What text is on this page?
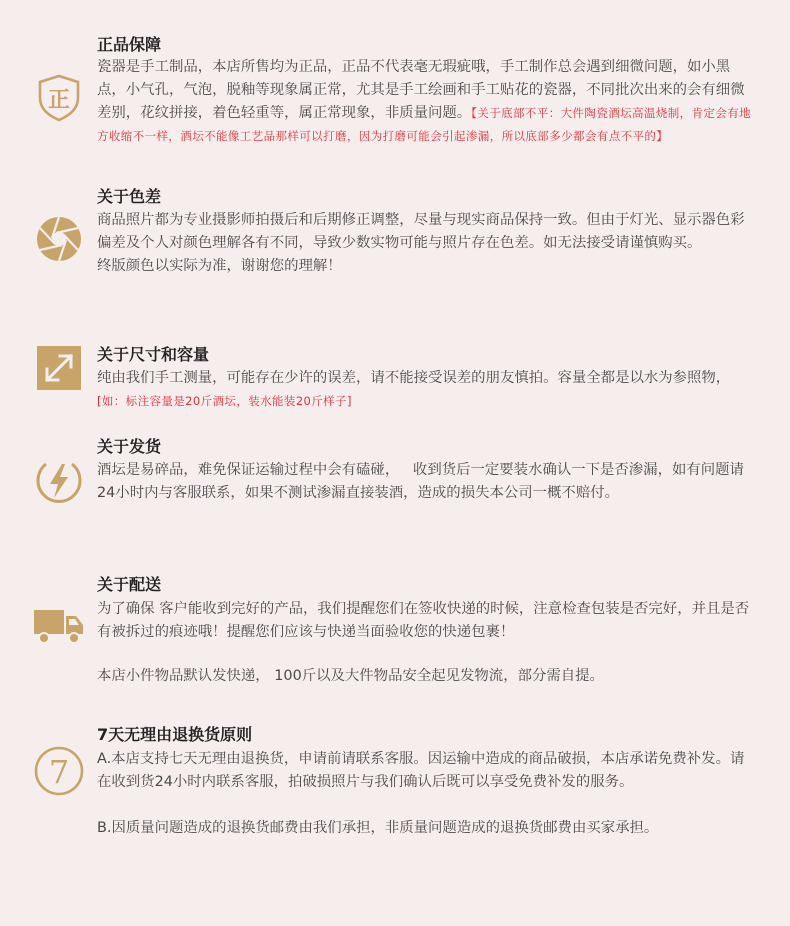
正
正品保障
瓷器是手工制品，本店所售均为正品，正品不代表毫无瑕疵哦，手工制作总会遇到细微问题，如小黑点，小气孔，气泡，脱釉等现象属正常，尤其是手工绘画和手工贴花的瓷器，不同批次出来的会有细微差别，花纹拼接，着色轻重等，属正常现象，非质量问题。【关于底部不平：大件陶瓷酒坛高温烧制，肯定会有地方收缩不一样，酒坛不能像工艺品那样可以打磨，因为打磨可能会引起渗漏，所以底部多少都会有点不平的】
关于色差
商品照片都为专业摄影师拍摄后和后期修正调整，尽量与现实商品保持一致。但由于灯光、显示器色彩偏差及个人对颜色理解各有不同，导致少数实物可能与照片存在色差。如无法接受请谨慎购买。
终版颜色以实际为准，谢谢您的理解！
关于尺寸和容量
纯由我们手工测量，可能存在少许的误差，请不能接受误差的朋友慎拍。容量全都是以水为参照物，[如：标注容量是20斤酒坛，装水能装20斤样子]
关于发货
酒坛是易碎品，难免保证运输过程中会有磕碰，   收到货后一定要装水确认一下是否渗漏，如有问题请24小时内与客服联系，如果不测试渗漏直接装酒，造成的损失本公司一概不赔付。
关于配送
为了确保 客户能收到完好的产品，我们提醒您们在签收快递的时候，注意检查包装是否完好，并且是否有被拆过的痕迹哦！提醒您们应该与快递当面验收您的快递包裹！
本店小件物品默认发快递， 100斤以及大件物品安全起见发物流，部分需自提。
7
7天无理由退换货原则
A.本店支持七天无理由退换货，申请前请联系客服。因运输中造成的商品破损，本店承诺免费补发。请在收到货24小时内联系客服，拍破损照片与我们确认后既可以享受免费补发的服务。
B.因质量问题造成的退换货邮费由我们承担，非质量问题造成的退换货邮费由买家承担。
